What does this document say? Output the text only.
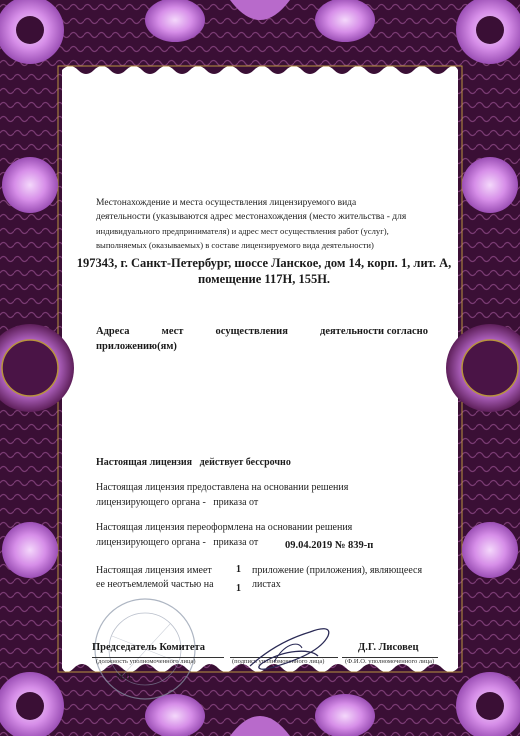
Местонахождение и места осуществления лицензируемого вида
деятельности (указываются адрес местонахождения (место жительства - для
индивидуального предпринимателя) и адрес мест осуществления работ (услуг),
выполняемых (оказываемых) в составе лицензируемого вида деятельности)
197343, г. Санкт-Петербург, шоссе Ланское, дом 14, корп. 1, лит. А,
помещение 117Н, 155Н.
Адреса	мест	осуществления	деятельности согласно
приложению(ям)
Настоящая лицензия   действует бессрочно
Настоящая лицензия предоставлена на основании решения
лицензирующего органа -   приказа от
Настоящая лицензия переоформлена на основании решения
лицензирующего органа -   приказа от	09.04.2019 № 839-п
Настоящая лицензия имеет 1 приложение (приложения), являющееся
ее неотъемлемой частью на 1 листах
Председатель Комитета	Д.Г. Лисовец
(должность уполномоченного лица)	(подпись уполномоченного лица)	(Ф.И.О. уполномоченного лица)
М.П.
